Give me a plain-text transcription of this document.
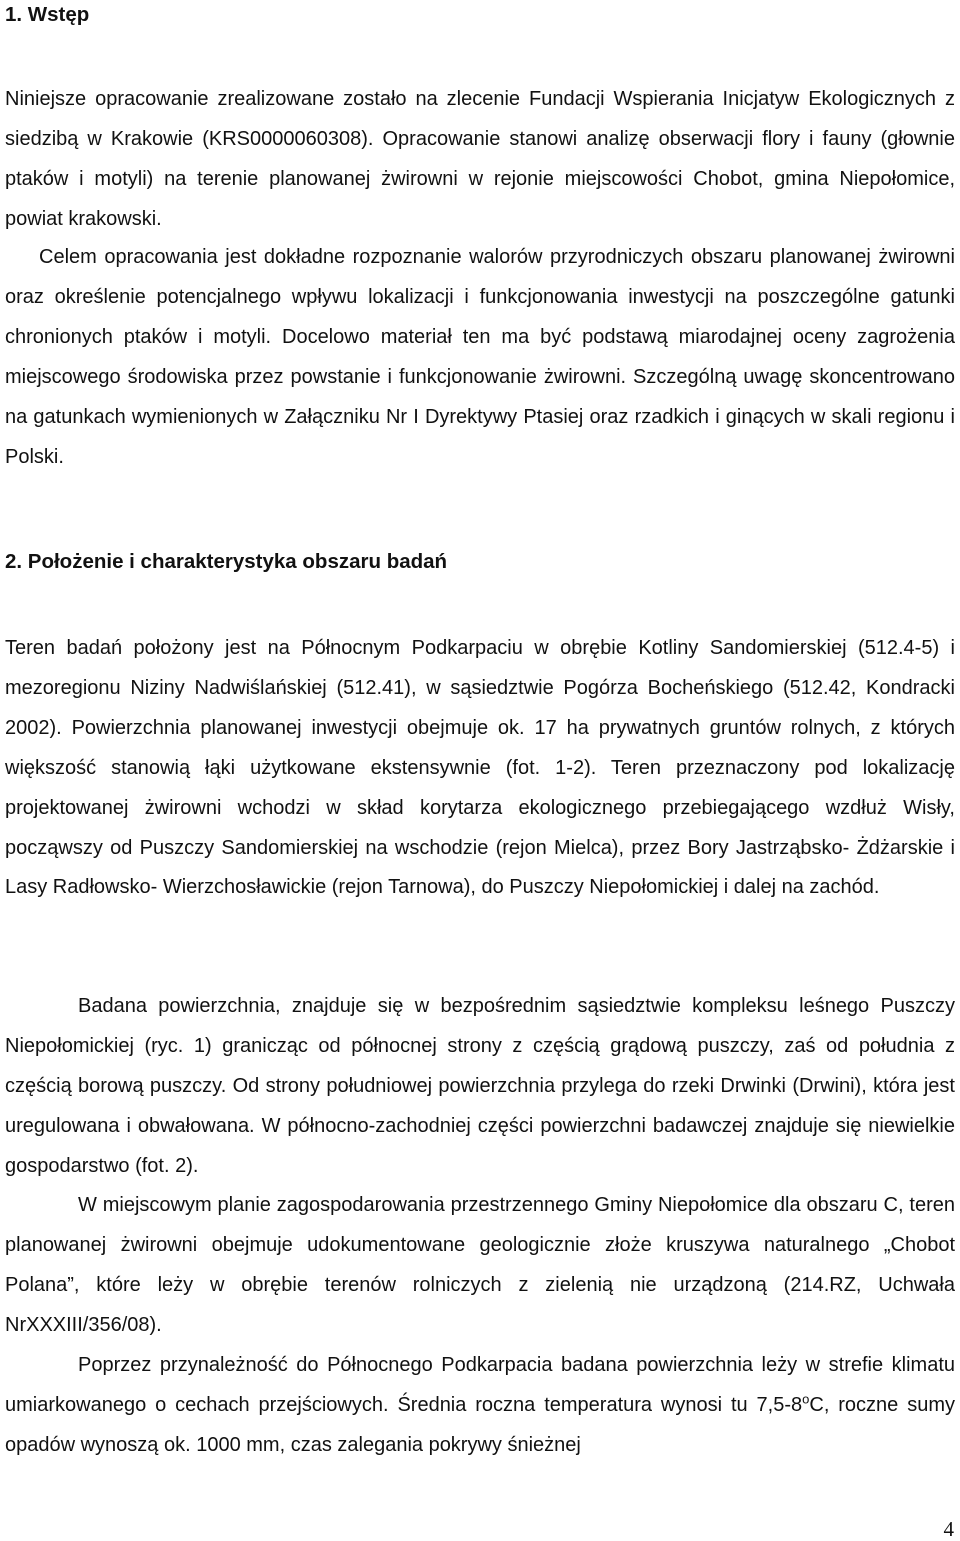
1. Wstęp

Niniejsze opracowanie zrealizowane zostało na zlecenie Fundacji Wspierania Inicjatyw Ekologicznych z siedzibą w Krakowie (KRS0000060308). Opracowanie stanowi analizę obserwacji flory i fauny (głownie ptaków i motyli) na terenie planowanej żwirowni w rejonie miejscowości Chobot, gmina Niepołomice, powiat krakowski.

Celem opracowania jest dokładne rozpoznanie walorów przyrodniczych obszaru planowanej żwirowni oraz określenie potencjalnego wpływu lokalizacji i funkcjonowania inwestycji na poszczególne gatunki chronionych ptaków i motyli. Docelowo materiał ten ma być podstawą miarodajnej oceny zagrożenia miejscowego środowiska przez powstanie i funkcjonowanie żwirowni. Szczególną uwagę skoncentrowano na gatunkach wymienionych w Załączniku Nr I Dyrektywy Ptasiej oraz rzadkich i ginących w skali regionu i Polski.

2. Położenie i charakterystyka obszaru badań

Teren badań położony jest na Północnym Podkarpaciu w obrębie Kotliny Sandomierskiej (512.4-5) i mezoregionu Niziny Nadwiślańskiej (512.41), w sąsiedztwie Pogórza Bocheńskiego (512.42, Kondracki 2002). Powierzchnia planowanej inwestycji obejmuje ok. 17 ha prywatnych gruntów rolnych, z których większość stanowią łąki użytkowane ekstensywnie (fot. 1-2). Teren przeznaczony pod lokalizację projektowanej żwirowni wchodzi w skład korytarza ekologicznego przebiegającego wzdłuż Wisły, począwszy od Puszczy Sandomierskiej na wschodzie (rejon Mielca), przez Bory Jastrząbsko- Żdżarskie i Lasy Radłowsko- Wierzchosławickie (rejon Tarnowa), do Puszczy Niepołomickiej i dalej na zachód.

Badana powierzchnia, znajduje się w bezpośrednim sąsiedztwie kompleksu leśnego Puszczy Niepołomickiej (ryc. 1) granicząc od północnej strony z częścią grądową puszczy, zaś od południa z częścią borową puszczy. Od strony południowej powierzchnia przylega do rzeki Drwinki (Drwini), która jest uregulowana i obwałowana. W północno-zachodniej części powierzchni badawczej znajduje się niewielkie gospodarstwo (fot. 2).

W miejscowym planie zagospodarowania przestrzennego Gminy Niepołomice dla obszaru C, teren planowanej żwirowni obejmuje udokumentowane geologicznie złoże kruszywa naturalnego „Chobot Polana”, które leży w obrębie terenów rolniczych z zielenią nie urządzoną (214.RZ, Uchwała NrXXXIII/356/08).

Poprzez przynależność do Północnego Podkarpacia badana powierzchnia leży w strefie klimatu umiarkowanego o cechach przejściowych. Średnia roczna temperatura wynosi tu 7,5-8$^o$C, roczne sumy opadów wynoszą ok. 1000 mm, czas zalegania pokrywy śnieżnej

4
